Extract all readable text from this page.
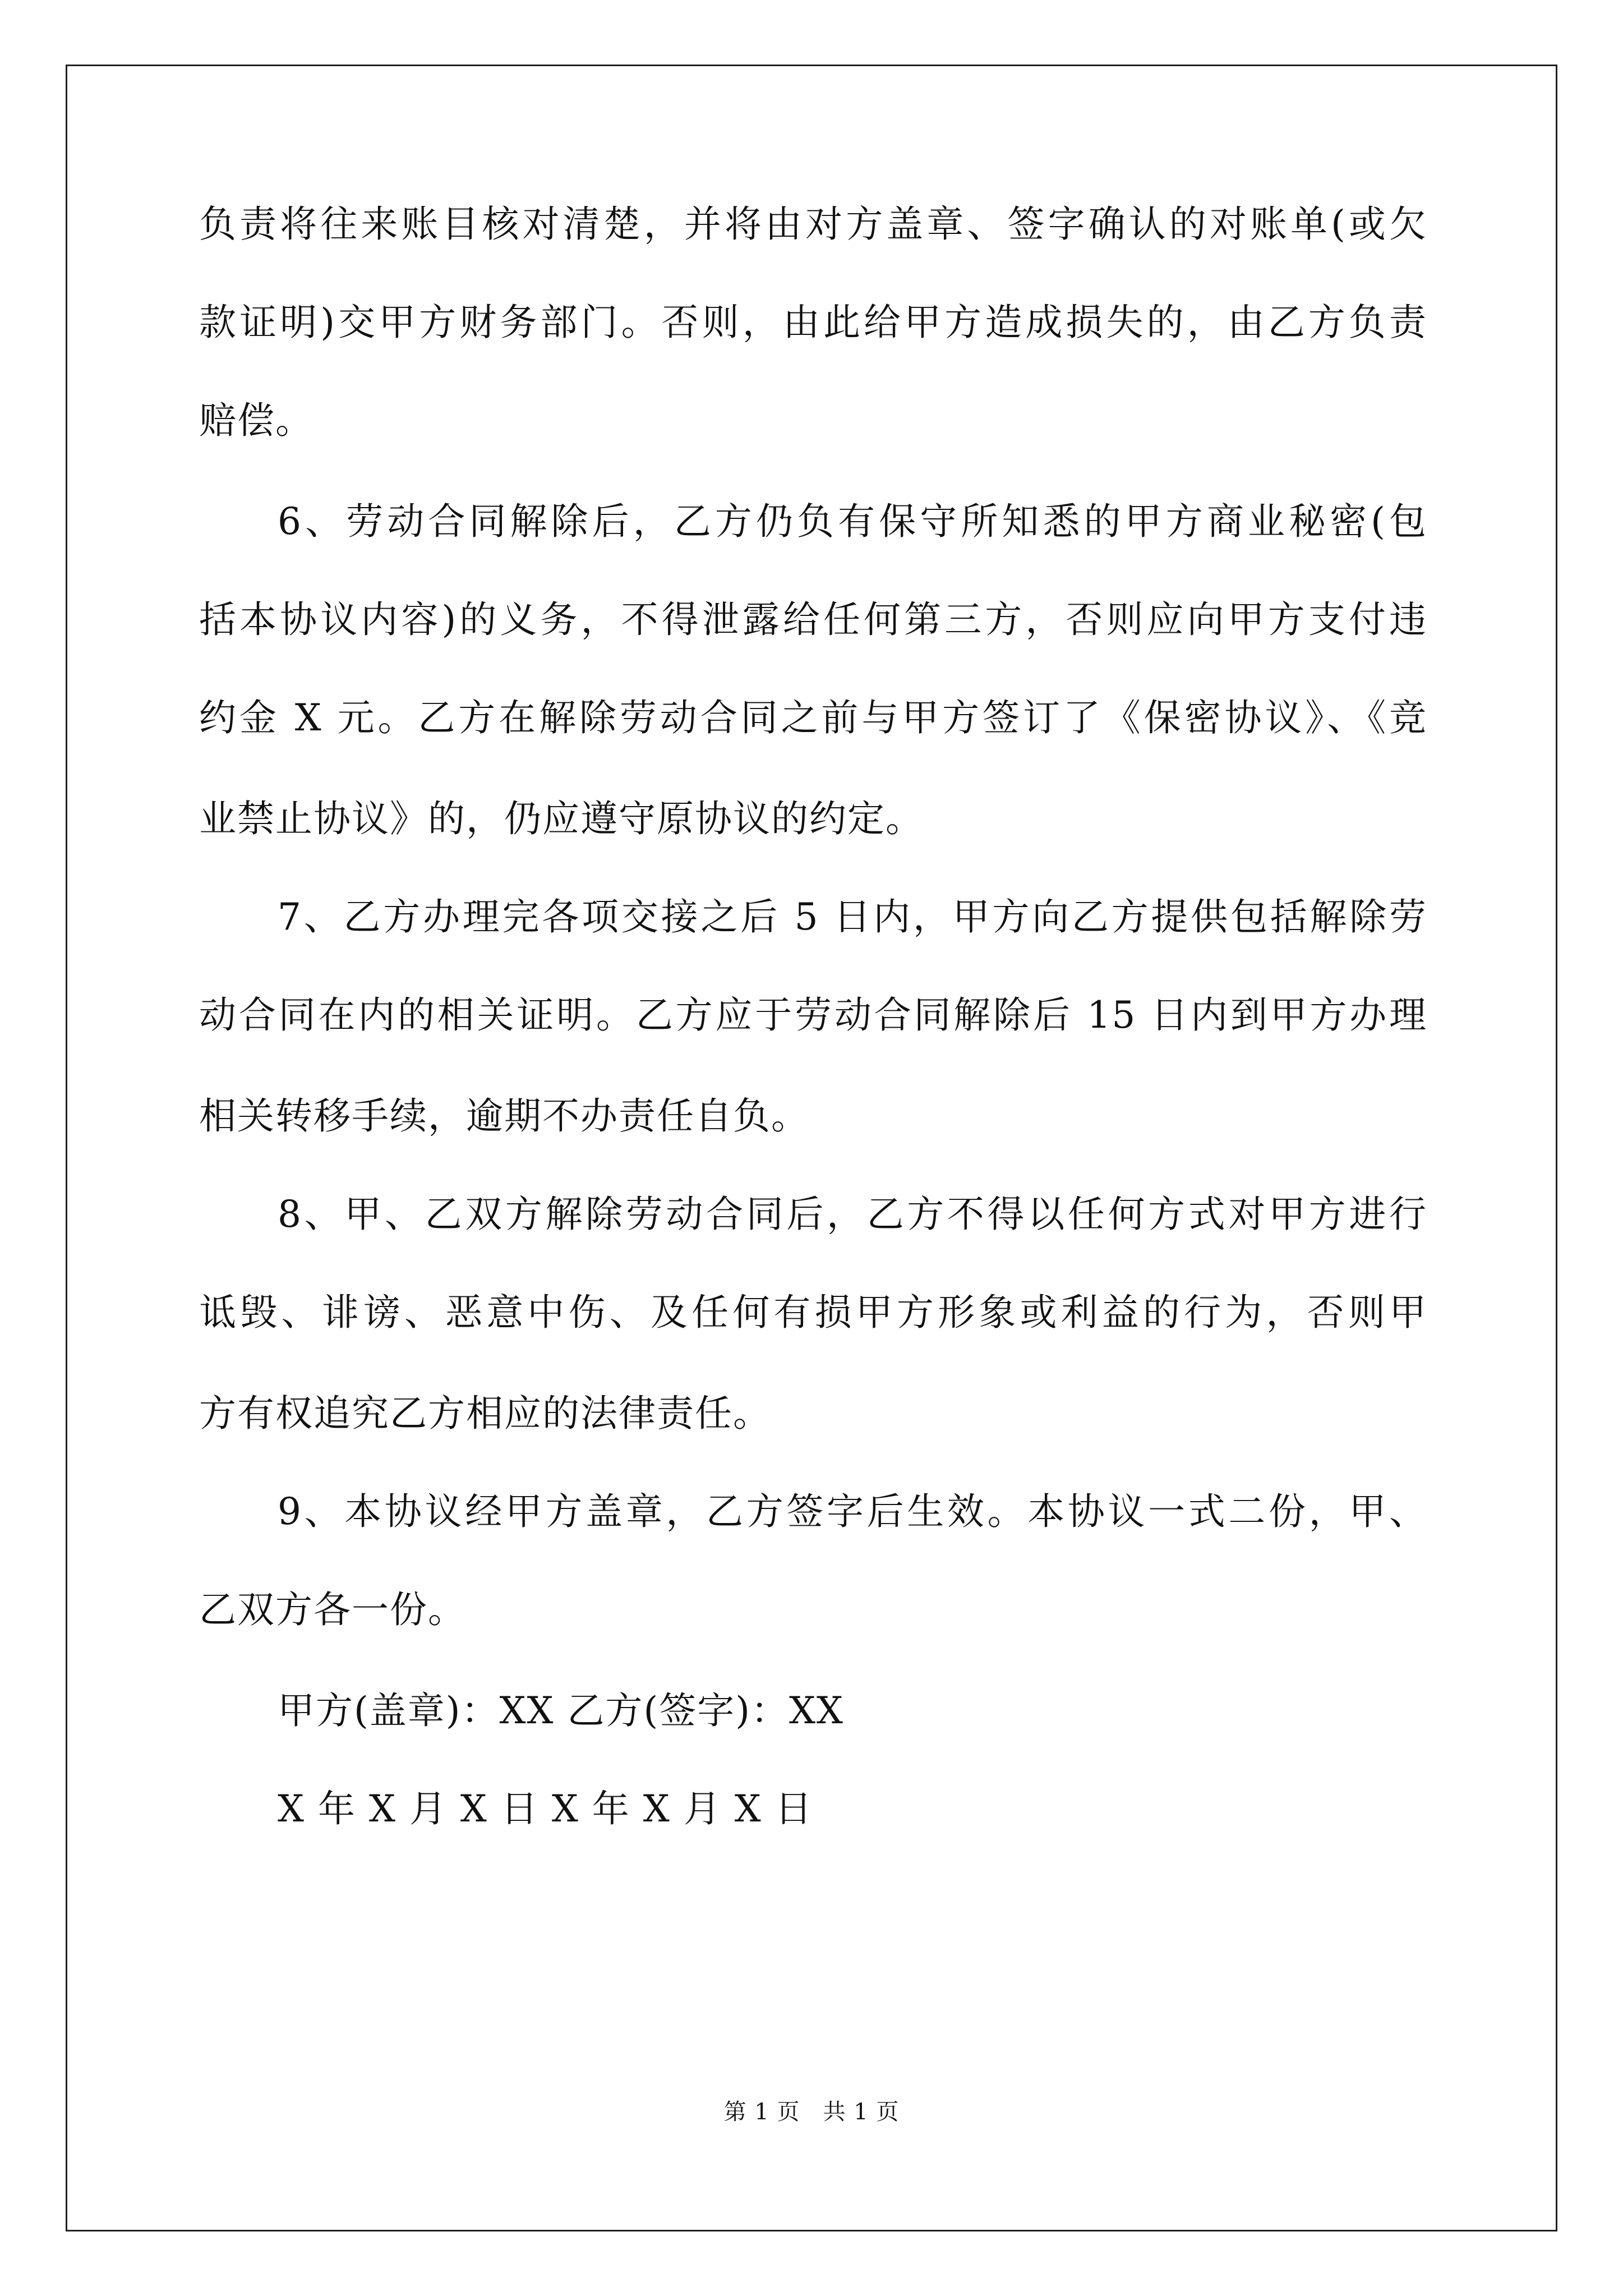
负责将往来账目核对清楚，并将由对方盖章、签字确认的对账单(或欠
款证明)交甲方财务部门。否则，由此给甲方造成损失的，由乙方负责
赔偿。
6、劳动合同解除后，乙方仍负有保守所知悉的甲方商业秘密(包
括本协议内容)的义务，不得泄露给任何第三方，否则应向甲方支付违
约金 X 元。乙方在解除劳动合同之前与甲方签订了《保密协议》、《竞
业禁止协议》的，仍应遵守原协议的约定。
7、乙方办理完各项交接之后 5 日内，甲方向乙方提供包括解除劳
动合同在内的相关证明。乙方应于劳动合同解除后 15 日内到甲方办理
相关转移手续，逾期不办责任自负。
8、甲、乙双方解除劳动合同后，乙方不得以任何方式对甲方进行
诋毁、诽谤、恶意中伤、及任何有损甲方形象或利益的行为，否则甲
方有权追究乙方相应的法律责任。
9、本协议经甲方盖章，乙方签字后生效。本协议一式二份，甲、
乙双方各一份。
甲方(盖章)：XX 乙方(签字)：XX
X 年 X 月 X 日 X 年 X 月 X 日
第 1 页　共 1 页
